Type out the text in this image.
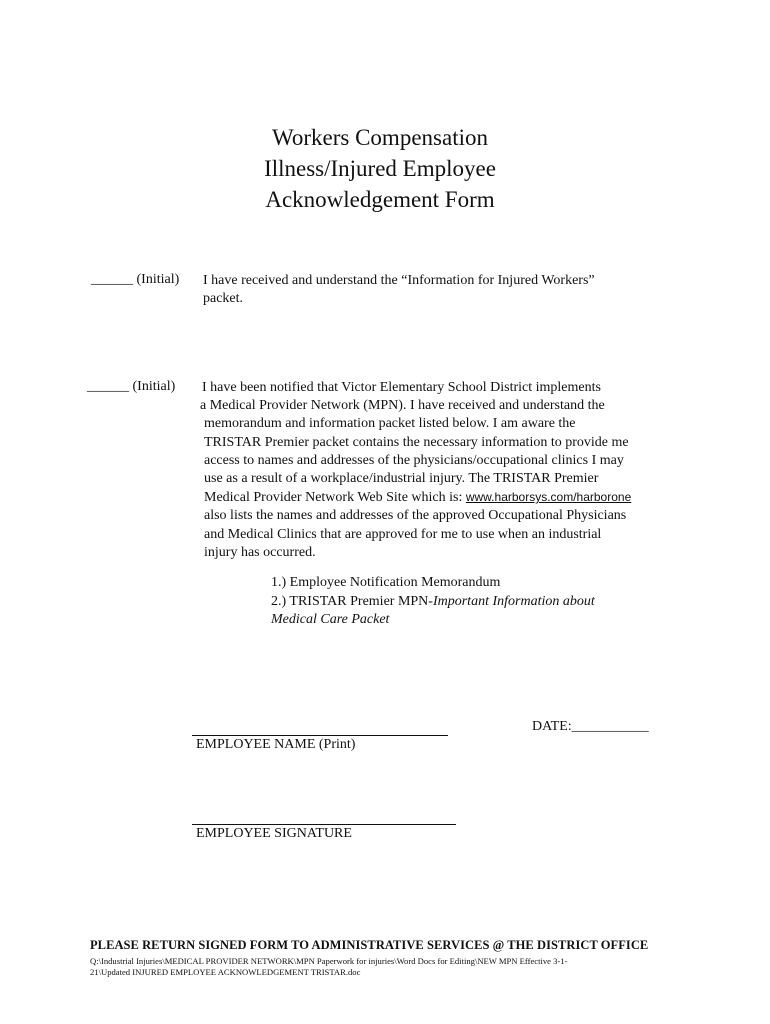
Workers Compensation
Illness/Injured Employee
Acknowledgement Form
______ (Initial) I have received and understand the “Information for Injured Workers”
packet.
______ (Initial) I have been notified that Victor Elementary School District implements
a Medical Provider Network (MPN). I have received and understand the
memorandum and information packet listed below. I am aware the
TRISTAR Premier packet contains the necessary information to provide me
access to names and addresses of the physicians/occupational clinics I may
use as a result of a workplace/industrial injury. The TRISTAR Premier
Medical Provider Network Web Site which is: www.harborsys.com/harborone
also lists the names and addresses of the approved Occupational Physicians
and Medical Clinics that are approved for me to use when an industrial
injury has occurred.
1.) Employee Notification Memorandum
2.) TRISTAR Premier MPN-Important Information about
Medical Care Packet
EMPLOYEE NAME (Print)
DATE:___________
EMPLOYEE SIGNATURE
PLEASE RETURN SIGNED FORM TO ADMINISTRATIVE SERVICES @ THE DISTRICT OFFICE
Q:\Industrial Injuries\MEDICAL PROVIDER NETWORK\MPN Paperwork for injuries\Word Docs for Editing\NEW MPN Effective 3-1-
21\Updated INJURED EMPLOYEE ACKNOWLEDGEMENT TRISTAR.doc
